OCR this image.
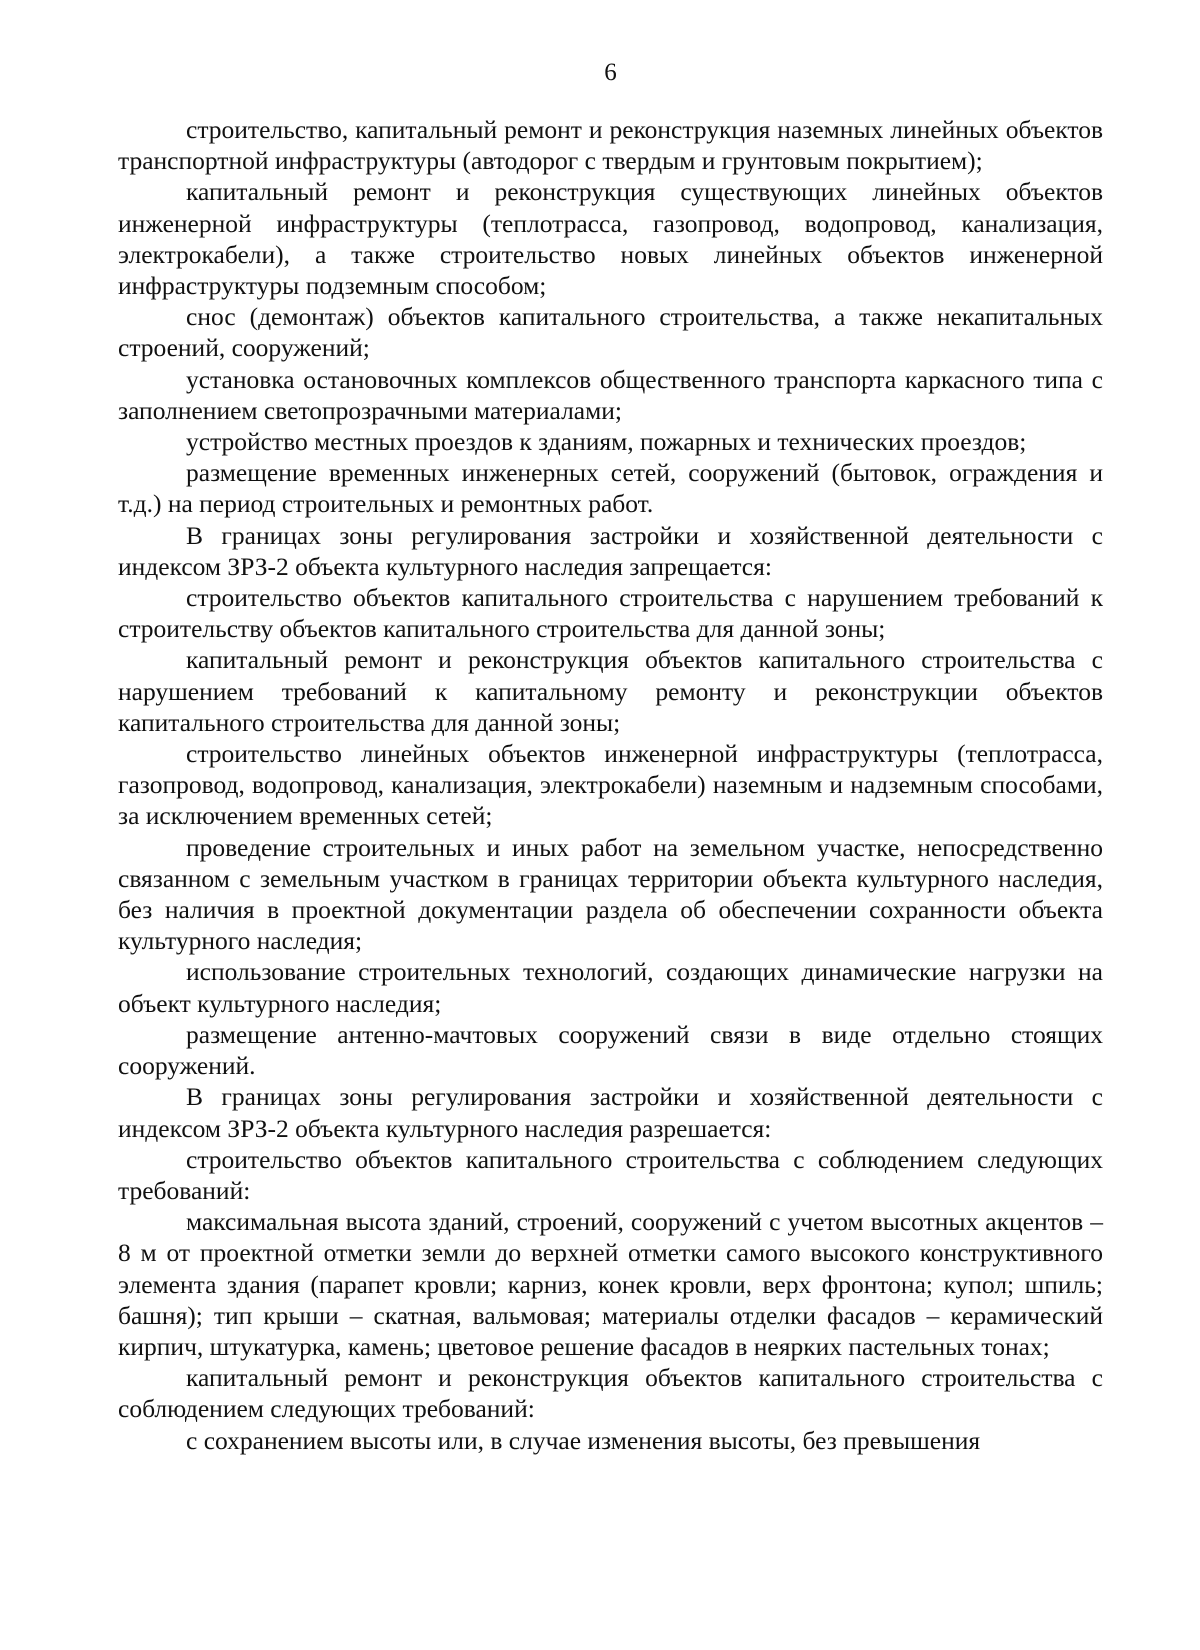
6

строительство, капитальный ремонт и реконструкция наземных линейных объектов транспортной инфраструктуры (автодорог с твердым и грунтовым покрытием);

капитальный ремонт и реконструкция существующих линейных объектов инженерной инфраструктуры (теплотрасса, газопровод, водопровод, канализация, электрокабели), а также строительство новых линейных объектов инженерной инфраструктуры подземным способом;

снос (демонтаж) объектов капитального строительства, а также некапитальных строений, сооружений;

установка остановочных комплексов общественного транспорта каркасного типа с заполнением светопрозрачными материалами;

устройство местных проездов к зданиям, пожарных и технических проездов;

размещение временных инженерных сетей, сооружений (бытовок, ограждения и т.д.) на период строительных и ремонтных работ.

В границах зоны регулирования застройки и хозяйственной деятельности с индексом ЗРЗ-2 объекта культурного наследия запрещается:

строительство объектов капитального строительства с нарушением требований к строительству объектов капитального строительства для данной зоны;

капитальный ремонт и реконструкция объектов капитального строительства с нарушением требований к капитальному ремонту и реконструкции объектов капитального строительства для данной зоны;

строительство линейных объектов инженерной инфраструктуры (теплотрасса, газопровод, водопровод, канализация, электрокабели) наземным и надземным способами, за исключением временных сетей;

проведение строительных и иных работ на земельном участке, непосредственно связанном с земельным участком в границах территории объекта культурного наследия, без наличия в проектной документации раздела об обеспечении сохранности объекта культурного наследия;

использование строительных технологий, создающих динамические нагрузки на объект культурного наследия;

размещение антенно-мачтовых сооружений связи в виде отдельно стоящих сооружений.

В границах зоны регулирования застройки и хозяйственной деятельности с индексом ЗРЗ-2 объекта культурного наследия разрешается:

строительство объектов капитального строительства с соблюдением следующих требований:

максимальная высота зданий, строений, сооружений с учетом высотных акцентов – 8 м от проектной отметки земли до верхней отметки самого высокого конструктивного элемента здания (парапет кровли; карниз, конек кровли, верх фронтона; купол; шпиль; башня); тип крыши – скатная, вальмовая; материалы отделки фасадов – керамический кирпич, штукатурка, камень; цветовое решение фасадов в неярких пастельных тонах;

капитальный ремонт и реконструкция объектов капитального строительства с соблюдением следующих требований:

с сохранением высоты или, в случае изменения высоты, без превышения
